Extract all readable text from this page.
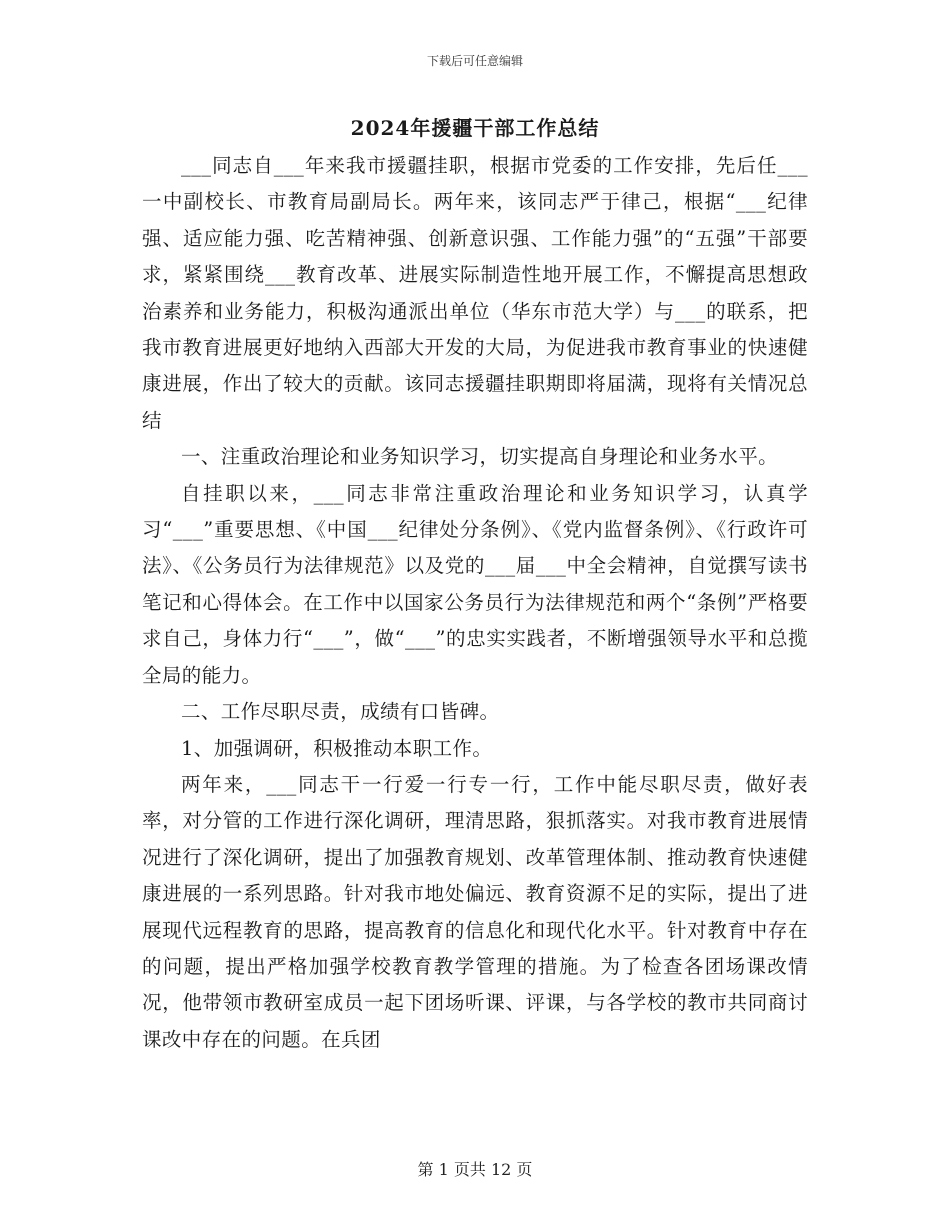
下载后可任意编辑
2024年援疆干部工作总结

___同志自___年来我市援疆挂职，根据市党委的工作安排，先后任___一中副校长、市教育局副局长。两年来，该同志严于律己，根据“___纪律强、适应能力强、吃苦精神强、创新意识强、工作能力强”的“五强”干部要求，紧紧围绕___教育改革、进展实际制造性地开展工作，不懈提高思想政治素养和业务能力，积极沟通派出单位（华东市范大学）与___的联系，把我市教育进展更好地纳入西部大开发的大局，为促进我市教育事业的快速健康进展，作出了较大的贡献。该同志援疆挂职期即将届满，现将有关情况总结

一、注重政治理论和业务知识学习，切实提高自身理论和业务水平。

自挂职以来，___同志非常注重政治理论和业务知识学习，认真学习“___”重要思想、《中国___纪律处分条例》、《党内监督条例》、《行政许可法》、《公务员行为法律规范》以及党的___届___中全会精神，自觉撰写读书笔记和心得体会。在工作中以国家公务员行为法律规范和两个“条例”严格要求自己，身体力行“___”，做“___”的忠实实践者，不断增强领导水平和总揽全局的能力。

二、工作尽职尽责，成绩有口皆碑。

1、加强调研，积极推动本职工作。

两年来，___同志干一行爱一行专一行，工作中能尽职尽责，做好表率，对分管的工作进行深化调研，理清思路，狠抓落实。对我市教育进展情况进行了深化调研，提出了加强教育规划、改革管理体制、推动教育快速健康进展的一系列思路。针对我市地处偏远、教育资源不足的实际，提出了进展现代远程教育的思路，提高教育的信息化和现代化水平。针对教育中存在的问题，提出严格加强学校教育教学管理的措施。为了检查各团场课改情况，他带领市教研室成员一起下团场听课、评课，与各学校的教市共同商讨课改中存在的问题。在兵团

第 1 页共 12 页
